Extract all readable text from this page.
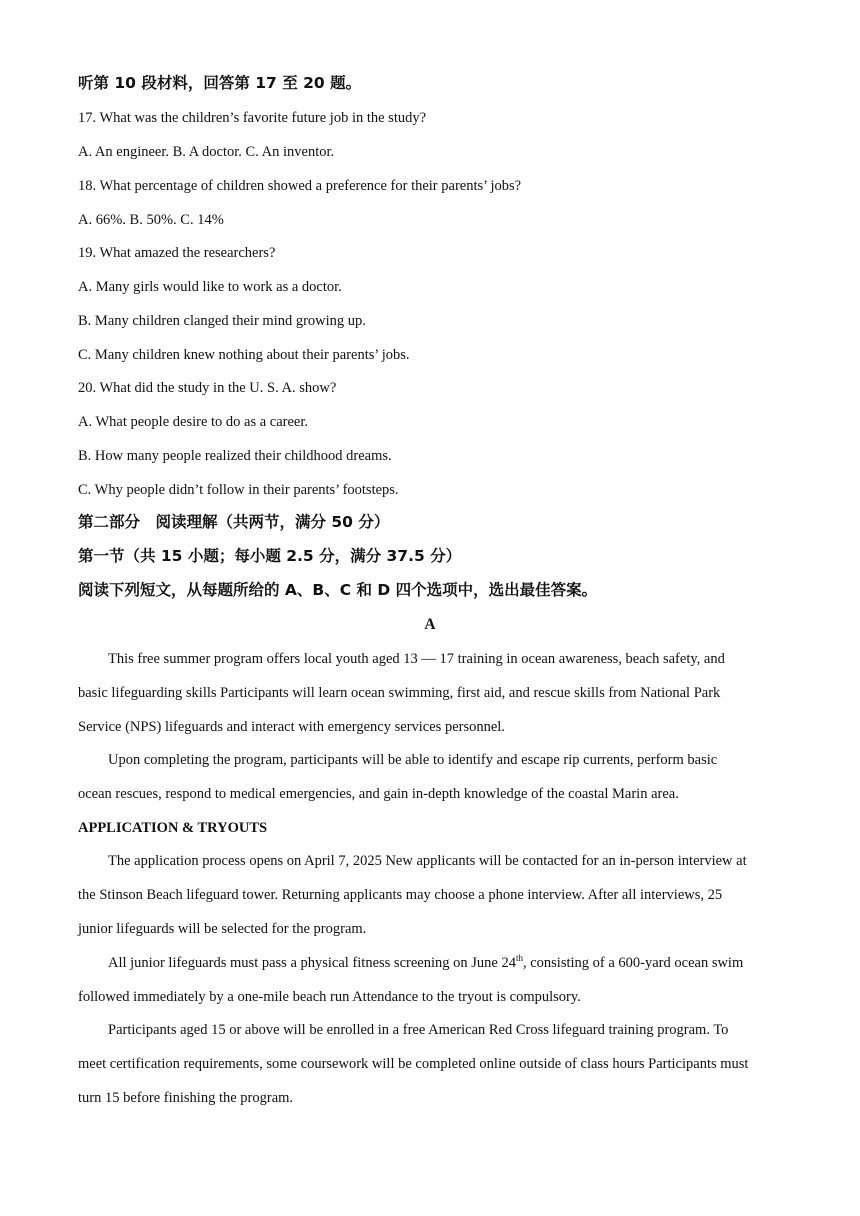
听第 10 段材料，回答第 17 至 20 题。
17. What was the children’s favorite future job in the study?
A. An engineer. B. A doctor. C. An inventor.
18. What percentage of children showed a preference for their parents’ jobs?
A. 66%. B. 50%. C. 14%
19. What amazed the researchers?
A. Many girls would like to work as a doctor.
B. Many children clanged their mind growing up.
C. Many children knew nothing about their parents’ jobs.
20. What did the study in the U. S. A. show?
A. What people desire to do as a career.
B. How many people realized their childhood dreams.
C. Why people didn’t follow in their parents’ footsteps.
第二部分　阅读理解（共两节，满分 50 分）
第一节（共 15 小题；每小题 2.5 分，满分 37.5 分）
阅读下列短文，从每题所给的 A、B、C 和 D 四个选项中，选出最佳答案。
A
This free summer program offers local youth aged 13 — 17 training in ocean awareness, beach safety, and
basic lifeguarding skills Participants will learn ocean swimming, first aid, and rescue skills from National Park
Service (NPS) lifeguards and interact with emergency services personnel.
Upon completing the program, participants will be able to identify and escape rip currents, perform basic
ocean rescues, respond to medical emergencies, and gain in-depth knowledge of the coastal Marin area.
APPLICATION & TRYOUTS
The application process opens on April 7, 2025 New applicants will be contacted for an in-person interview at
the Stinson Beach lifeguard tower. Returning applicants may choose a phone interview. After all interviews, 25
junior lifeguards will be selected for the program.
All junior lifeguards must pass a physical fitness screening on June 24th, consisting of a 600-yard ocean swim
followed immediately by a one-mile beach run Attendance to the tryout is compulsory.
Participants aged 15 or above will be enrolled in a free American Red Cross lifeguard training program. To
meet certification requirements, some coursework will be completed online outside of class hours Participants must
turn 15 before finishing the program.
